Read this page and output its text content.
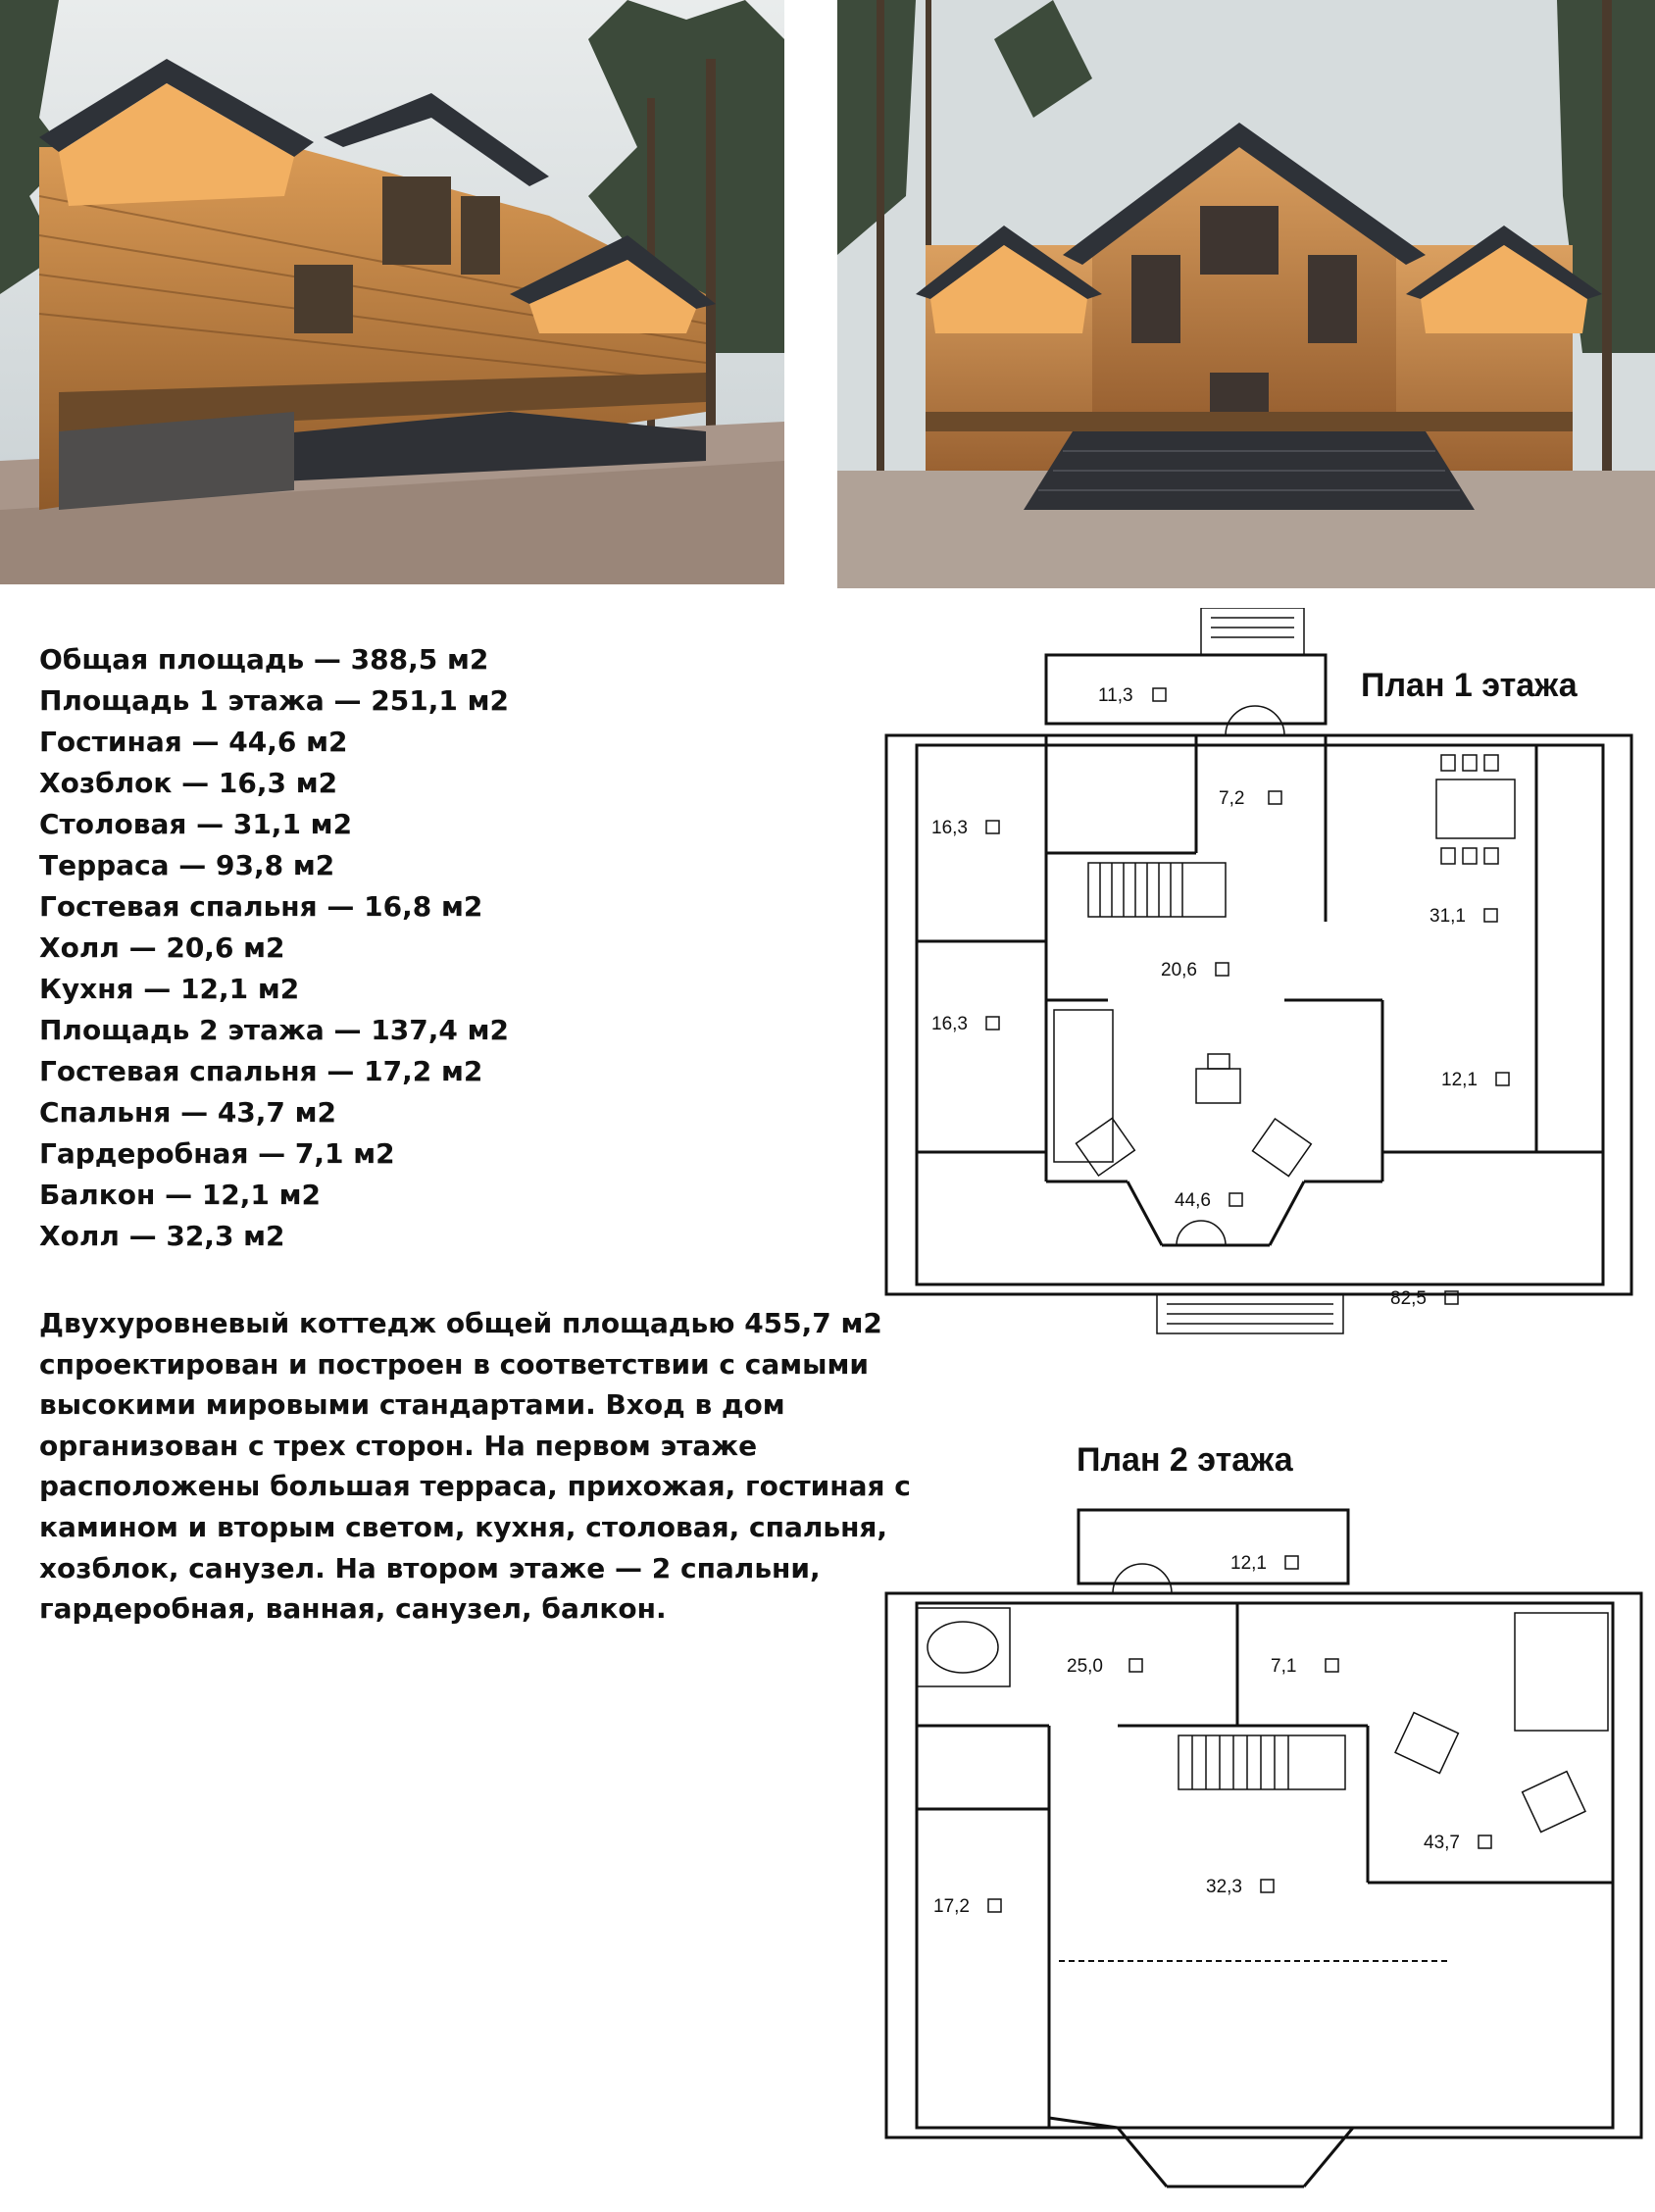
Общая площадь — 388,5 м2
Площадь 1 этажа — 251,1 м2
Гостиная — 44,6 м2
Хозблок — 16,3 м2
Столовая — 31,1 м2
Терраса — 93,8 м2
Гостевая спальня — 16,8 м2
Холл — 20,6 м2
Кухня — 12,1 м2
Площадь 2 этажа — 137,4 м2
Гостевая спальня — 17,2 м2
Спальня — 43,7 м2
Гардеробная — 7,1 м2
Балкон — 12,1 м2
Холл — 32,3 м2

Двухуровневый коттедж общей площадью 455,7 м2
спроектирован и построен в соответствии с самыми
высокими мировыми стандартами. Вход в дом
организован с трех сторон. На первом этаже
расположены большая терраса, прихожая, гостиная с
камином и вторым светом, кухня, столовая, спальня,
хозблок, санузел. На втором этаже — 2 спальни,
гардеробная, ванная, санузел, балкон.

План 1 этажа
11,3
7,2
16,3
31,1
20,6
16,3
12,1
44,6
82,5
План 2 этажа
12,1
25,0	7,1
43,7
32,3
17,2
